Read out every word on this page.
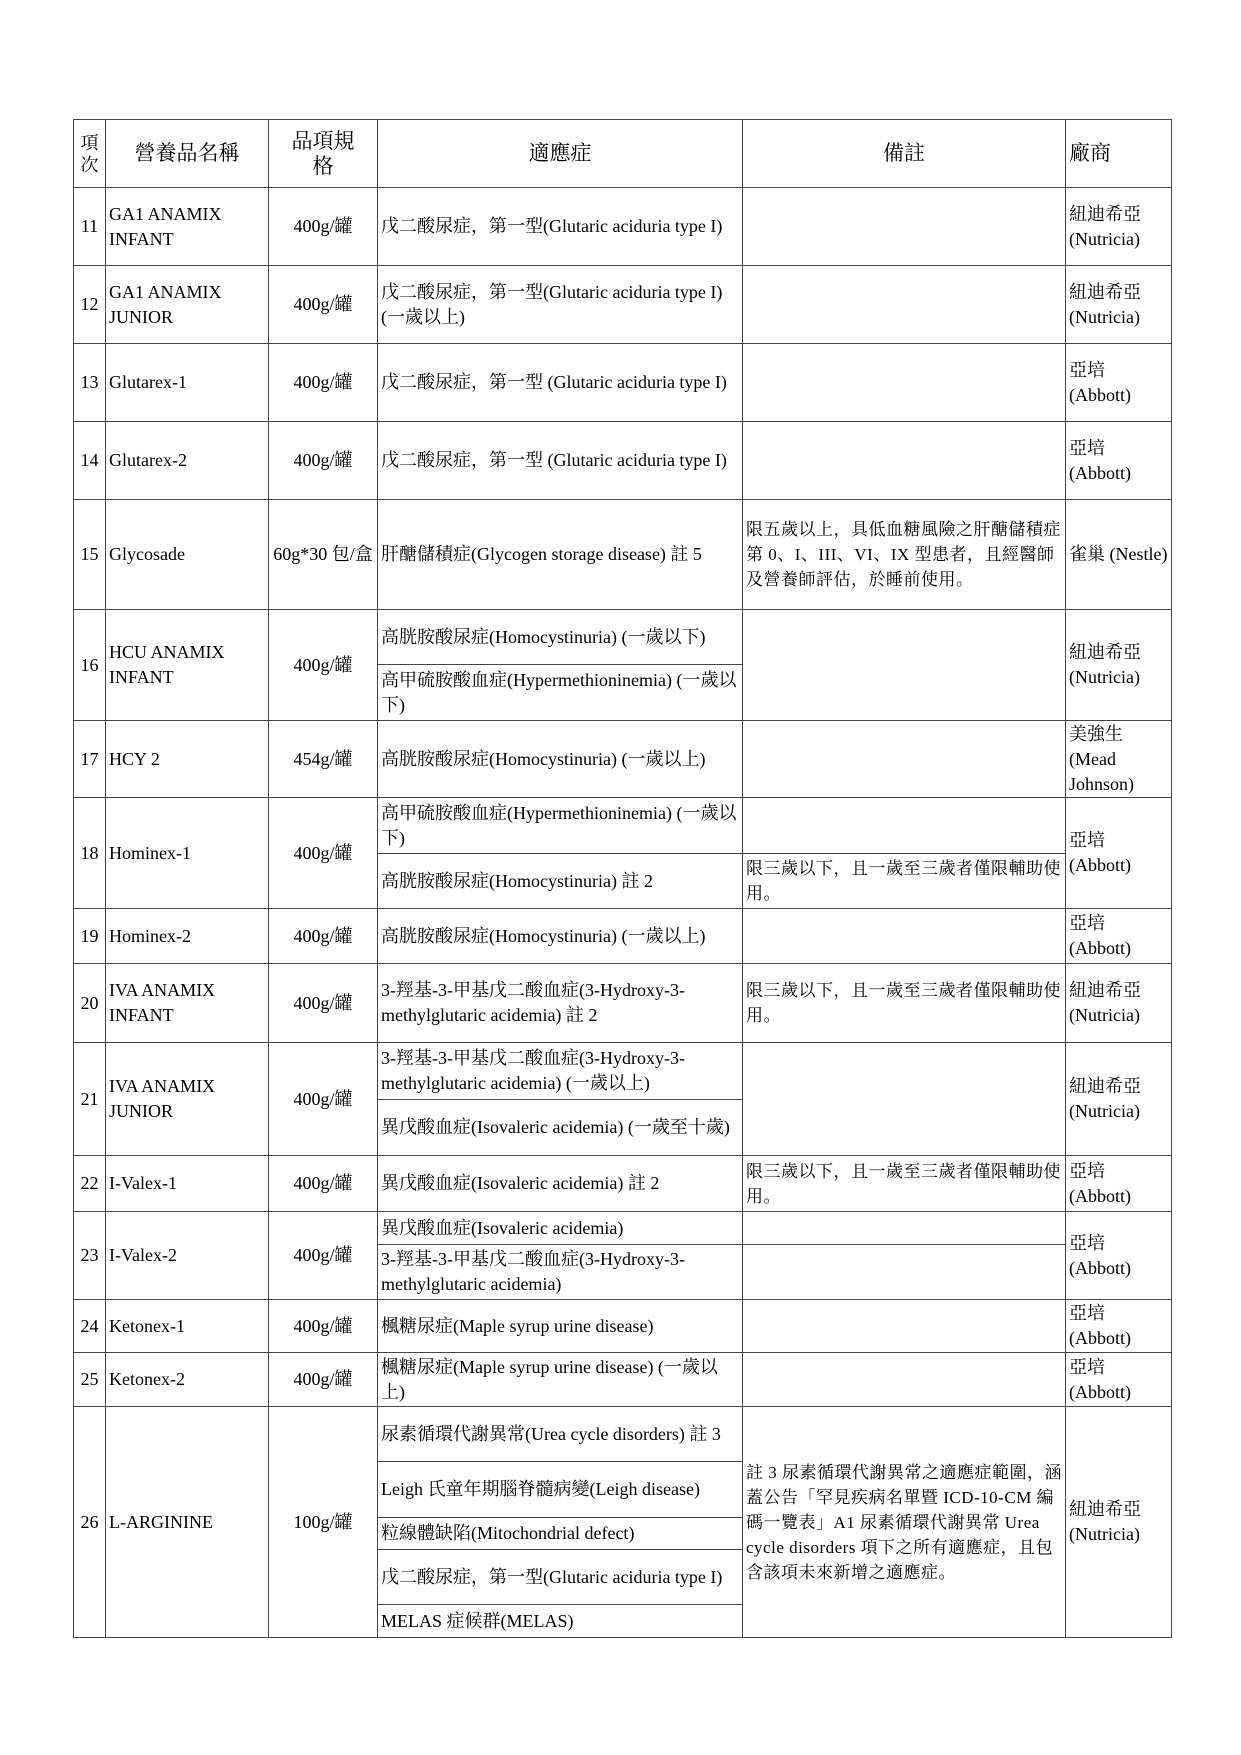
項次	營養品名稱	品項規格	適應症	備註	廠商
11	GA1 ANAMIX INFANT	400g/罐	戊二酸尿症，第一型(Glutaric aciduria type I)		紐迪希亞 (Nutricia)
12	GA1 ANAMIX JUNIOR	400g/罐	戊二酸尿症，第一型(Glutaric aciduria type I) (一歲以上)		紐迪希亞 (Nutricia)
13	Glutarex-1	400g/罐	戊二酸尿症，第一型 (Glutaric aciduria type I)		亞培 (Abbott)
14	Glutarex-2	400g/罐	戊二酸尿症，第一型 (Glutaric aciduria type I)		亞培 (Abbott)
15	Glycosade	60g*30 包/盒	肝醣儲積症(Glycogen storage disease) 註 5	限五歲以上，具低血糖風險之肝醣儲積症第 0、I、III、VI、IX 型患者，且經醫師及營養師評估，於睡前使用。	雀巢 (Nestle)
16	HCU ANAMIX INFANT	400g/罐	高胱胺酸尿症(Homocystinuria) (一歲以下)		紐迪希亞 (Nutricia)
			高甲硫胺酸血症(Hypermethioninemia) (一歲以下)		
17	HCY 2	454g/罐	高胱胺酸尿症(Homocystinuria) (一歲以上)		美強生 (Mead Johnson)
18	Hominex-1	400g/罐	高甲硫胺酸血症(Hypermethioninemia) (一歲以下)		亞培 (Abbott)
			高胱胺酸尿症(Homocystinuria) 註 2	限三歲以下，且一歲至三歲者僅限輔助使用。	
19	Hominex-2	400g/罐	高胱胺酸尿症(Homocystinuria) (一歲以上)		亞培 (Abbott)
20	IVA ANAMIX INFANT	400g/罐	3-羥基-3-甲基戊二酸血症(3-Hydroxy-3-methylglutaric acidemia) 註 2	限三歲以下，且一歲至三歲者僅限輔助使用。	紐迪希亞 (Nutricia)
21	IVA ANAMIX JUNIOR	400g/罐	3-羥基-3-甲基戊二酸血症(3-Hydroxy-3-methylglutaric acidemia) (一歲以上)		紐迪希亞 (Nutricia)
			異戊酸血症(Isovaleric acidemia) (一歲至十歲)		
22	I-Valex-1	400g/罐	異戊酸血症(Isovaleric acidemia) 註 2	限三歲以下，且一歲至三歲者僅限輔助使用。	亞培 (Abbott)
23	I-Valex-2	400g/罐	異戊酸血症(Isovaleric acidemia)		亞培 (Abbott)
			3-羥基-3-甲基戊二酸血症(3-Hydroxy-3-methylglutaric acidemia)		
24	Ketonex-1	400g/罐	楓糖尿症(Maple syrup urine disease)		亞培 (Abbott)
25	Ketonex-2	400g/罐	楓糖尿症(Maple syrup urine disease) (一歲以上)		亞培 (Abbott)
26	L-ARGININE	100g/罐	尿素循環代謝異常(Urea cycle disorders) 註 3	註 3 尿素循環代謝異常之適應症範圍，涵蓋公告「罕見疾病名單暨 ICD-10-CM 編碼一覽表」A1 尿素循環代謝異常 Urea cycle disorders 項下之所有適應症，且包含該項未來新增之適應症。	紐迪希亞 (Nutricia)
			Leigh 氏童年期腦脊髓病變(Leigh disease)		
			粒線體缺陷(Mitochondrial defect)		
			戊二酸尿症，第一型(Glutaric aciduria type I)		
			MELAS 症候群(MELAS)		
